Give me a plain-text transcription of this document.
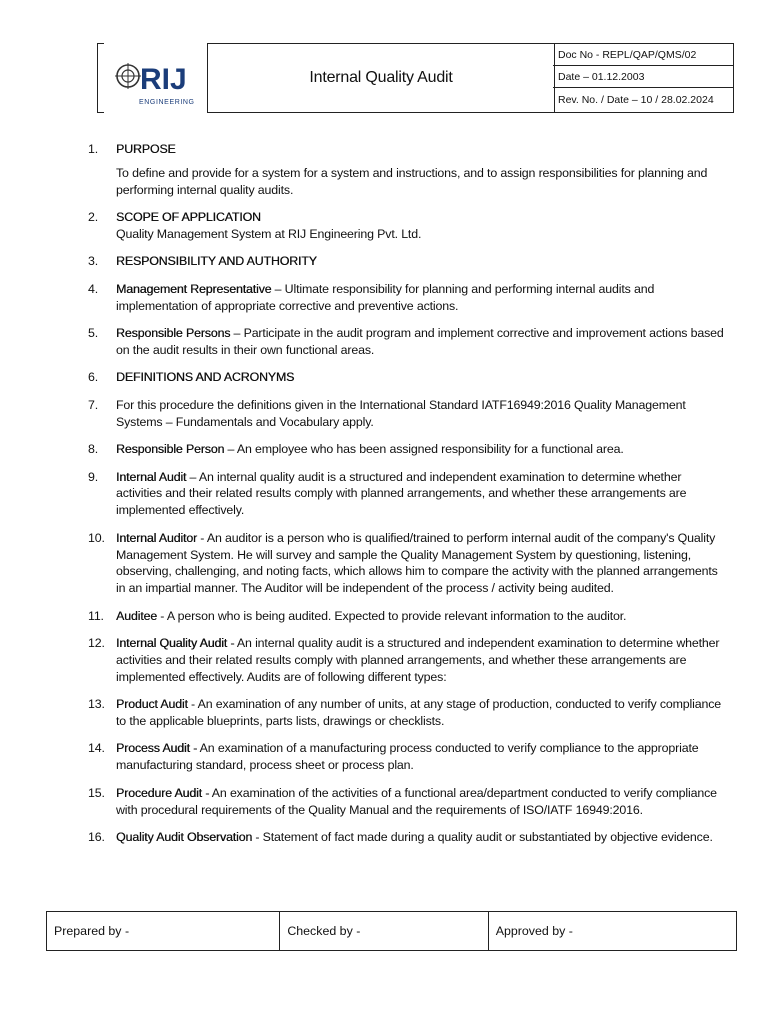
RIJ
ENGINEERING
Internal Quality Audit
Doc No - REPL/QAP/QMS/02
Date – 01.12.2003
Rev. No. / Date – 10 / 28.02.2024
1.	PURPOSE
To define and provide for a system for a system and instructions, and to assign responsibilities for planning and performing internal quality audits.
2.	SCOPE OF APPLICATION
Quality Management System at RIJ Engineering Pvt. Ltd.
3.	RESPONSIBILITY AND AUTHORITY
4.	Management Representative – Ultimate responsibility for planning and performing internal audits and implementation of appropriate corrective and preventive actions.
5.	Responsible Persons – Participate in the audit program and implement corrective and improvement actions based on the audit results in their own functional areas.
6.	DEFINITIONS AND ACRONYMS
7.	For this procedure the definitions given in the International Standard IATF16949:2016 Quality Management Systems – Fundamentals and Vocabulary apply.
8.	Responsible Person – An employee who has been assigned responsibility for a functional area.
9.	Internal Audit – An internal quality audit is a structured and independent examination to determine whether activities and their related results comply with planned arrangements, and whether these arrangements are implemented effectively.
10. Internal Auditor - An auditor is a person who is qualified/trained to perform internal audit of the company's Quality Management System. He will survey and sample the Quality Management System by questioning, listening, observing, challenging, and noting facts, which allows him to compare the activity with the planned arrangements in an impartial manner. The Auditor will be independent of the process / activity being audited.
11. Auditee - A person who is being audited. Expected to provide relevant information to the auditor.
12. Internal Quality Audit - An internal quality audit is a structured and independent examination to determine whether activities and their related results comply with planned arrangements, and whether these arrangements are implemented effectively. Audits are of following different types:
13. Product Audit - An examination of any number of units, at any stage of production, conducted to verify compliance to the applicable blueprints, parts lists, drawings or checklists.
14. Process Audit - An examination of a manufacturing process conducted to verify compliance to the appropriate manufacturing standard, process sheet or process plan.
15. Procedure Audit - An examination of the activities of a functional area/department conducted to verify compliance with procedural requirements of the Quality Manual and the requirements of ISO/IATF 16949:2016.
16. Quality Audit Observation - Statement of fact made during a quality audit or substantiated by objective evidence.
Prepared by -	Checked by -	Approved by -
